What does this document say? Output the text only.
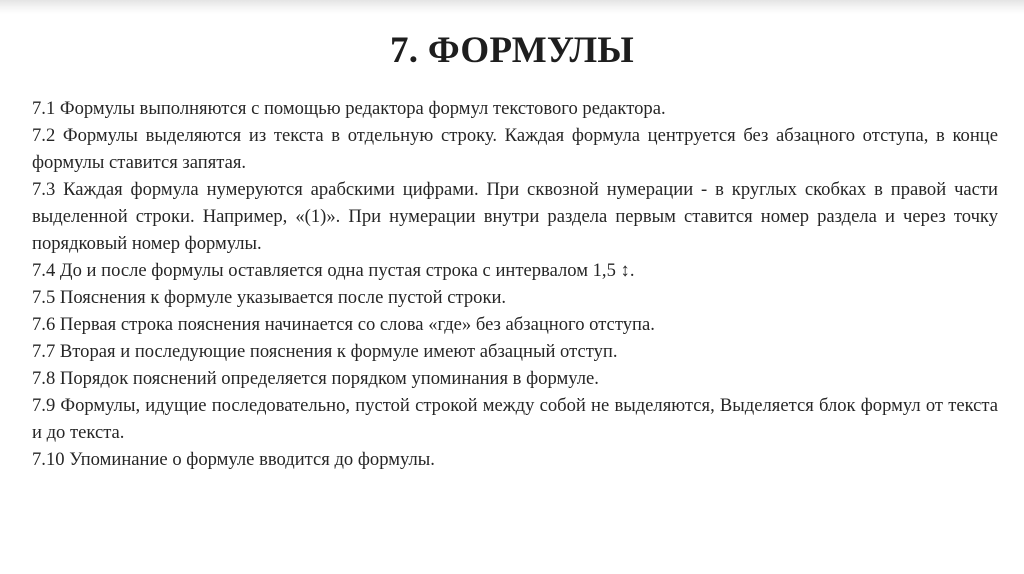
7. ФОРМУЛЫ

7.1 Формулы выполняются с помощью редактора формул текстового редактора.

7.2 Формулы выделяются из текста в отдельную строку. Каждая формула центруется без абзацного отступа, в конце формулы ставится запятая.

7.3 Каждая формула нумеруются арабскими цифрами. При сквозной нумерации - в круглых скобках в правой части выделенной строки. Например, «(1)». При нумерации внутри раздела первым ставится номер раздела и через точку порядковый номер формулы.

7.4 До и после формулы оставляется одна пустая строка с интервалом 1,5 ↕.

7.5 Пояснения к формуле указывается после пустой строки.

7.6 Первая строка пояснения начинается со слова «где» без абзацного отступа.

7.7 Вторая и последующие пояснения к формуле имеют абзацный отступ.

7.8 Порядок пояснений определяется порядком упоминания в формуле.

7.9 Формулы, идущие последовательно, пустой строкой между собой не выделяются, Выделяется блок формул от текста и до текста.

7.10 Упоминание о формуле вводится до формулы.
